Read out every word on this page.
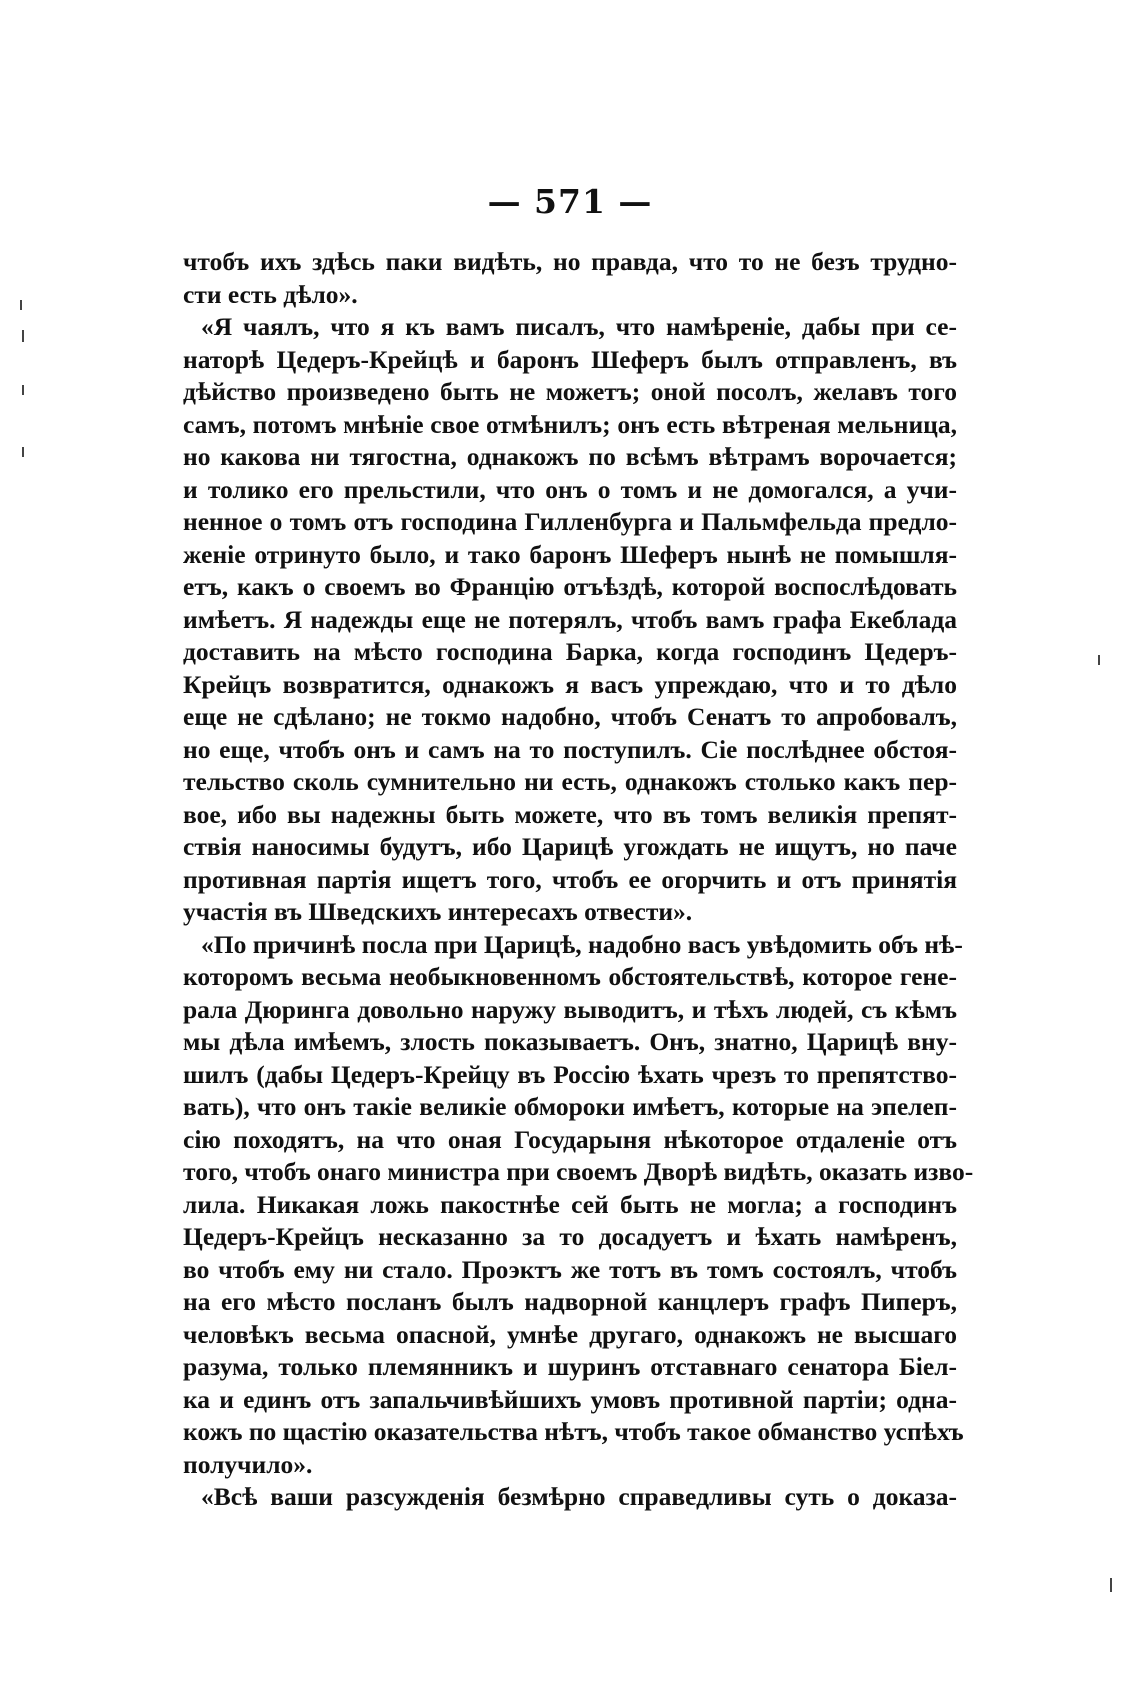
— 571 —
чтобъ ихъ здѣсь паки видѣть, но правда, что то не безъ трудно-
сти есть дѣло».
«Я чаялъ, что я къ вамъ писалъ, что намѣреніе, дабы при се-
наторѣ Цедеръ-Крейцѣ и баронъ Шеферъ былъ отправленъ, въ
дѣйство произведено быть не можетъ; оной посолъ, желавъ того
самъ, потомъ мнѣніе свое отмѣнилъ; онъ есть вѣтреная мельница,
но какова ни тягостна, однакожъ по всѣмъ вѣтрамъ ворочается;
и толико его прельстили, что онъ о томъ и не домогался, а учи-
ненное о томъ отъ господина Гилленбурга и Пальмфельда предло-
женіе отринуто было, и тако баронъ Шеферъ нынѣ не помышля-
етъ, какъ о своемъ во Францію отъѣздѣ, которой воспослѣдовать
имѣетъ. Я надежды еще не потерялъ, чтобъ вамъ графа Екеблада
доставить на мѣсто господина Барка, когда господинъ Цедеръ-
Крейцъ возвратится, однакожъ я васъ упреждаю, что и то дѣло
еще не сдѣлано; не токмо надобно, чтобъ Сенатъ то апробовалъ,
но еще, чтобъ онъ и самъ на то поступилъ. Сіе послѣднее обстоя-
тельство сколь сумнительно ни есть, однакожъ столько какъ пер-
вое, ибо вы надежны быть можете, что въ томъ великія препят-
ствія наносимы будутъ, ибо Царицѣ угождать не ищутъ, но паче
противная партія ищетъ того, чтобъ ее огорчить и отъ принятія
участія въ Шведскихъ интересахъ отвести».
«По причинѣ посла при Царицѣ, надобно васъ увѣдомить объ нѣ-
которомъ весьма необыкновенномъ обстоятельствѣ, которое гене-
рала Дюринга довольно наружу выводитъ, и тѣхъ людей, съ кѣмъ
мы дѣла имѣемъ, злость показываетъ. Онъ, знатно, Царицѣ вну-
шилъ (дабы Цедеръ-Крейцу въ Россію ѣхать чрезъ то препятство-
вать), что онъ такіе великіе обмороки имѣетъ, которые на эпелеп-
сію походятъ, на что оная Государыня нѣкоторое отдаленіе отъ
того, чтобъ онаго министра при своемъ Дворѣ видѣть, оказать изво-
лила. Никакая ложь пакостнѣе сей быть не могла; а господинъ
Цедеръ-Крейцъ несказанно за то досадуетъ и ѣхать намѣренъ,
во чтобъ ему ни стало. Проэктъ же тотъ въ томъ состоялъ, чтобъ
на его мѣсто посланъ былъ надворной канцлеръ графъ Пиперъ,
человѣкъ весьма опасной, умнѣе другаго, однакожъ не высшаго
разума, только племянникъ и шуринъ отставнаго сенатора Біел-
ка и единъ отъ запальчивѣйшихъ умовъ противной партіи; однa-
кожъ по щастію оказательства нѣтъ, чтобъ такое обманство успѣхъ
получило».
«Всѣ ваши разсужденія безмѣрно справедливы суть о доказа-
